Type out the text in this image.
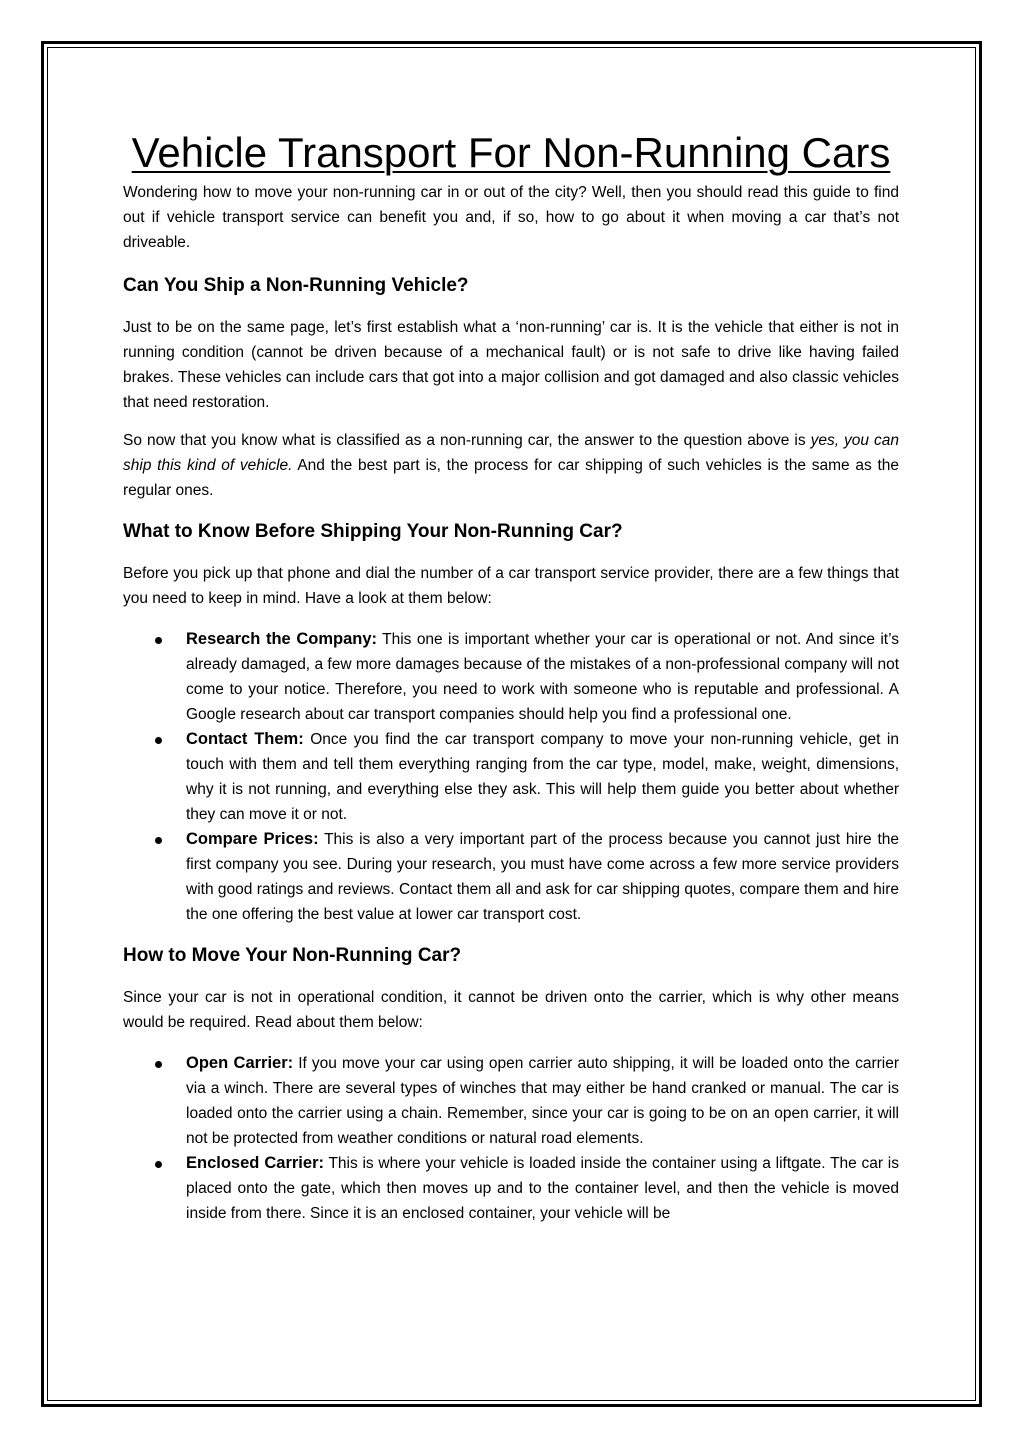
Vehicle Transport For Non-Running Cars

Wondering how to move your non-running car in or out of the city? Well, then you should read this guide to find out if vehicle transport service can benefit you and, if so, how to go about it when moving a car that’s not driveable.

Can You Ship a Non-Running Vehicle?

Just to be on the same page, let’s first establish what a ‘non-running’ car is. It is the vehicle that either is not in running condition (cannot be driven because of a mechanical fault) or is not safe to drive like having failed brakes. These vehicles can include cars that got into a major collision and got damaged and also classic vehicles that need restoration.

So now that you know what is classified as a non-running car, the answer to the question above is yes, you can ship this kind of vehicle. And the best part is, the process for car shipping of such vehicles is the same as the regular ones.

What to Know Before Shipping Your Non-Running Car?

Before you pick up that phone and dial the number of a car transport service provider, there are a few things that you need to keep in mind. Have a look at them below:

Research the Company: This one is important whether your car is operational or not. And since it’s already damaged, a few more damages because of the mistakes of a non-professional company will not come to your notice. Therefore, you need to work with someone who is reputable and professional. A Google research about car transport companies should help you find a professional one.
Contact Them: Once you find the car transport company to move your non-running vehicle, get in touch with them and tell them everything ranging from the car type, model, make, weight, dimensions, why it is not running, and everything else they ask. This will help them guide you better about whether they can move it or not.
Compare Prices: This is also a very important part of the process because you cannot just hire the first company you see. During your research, you must have come across a few more service providers with good ratings and reviews. Contact them all and ask for car shipping quotes, compare them and hire the one offering the best value at lower car transport cost.
How to Move Your Non-Running Car?

Since your car is not in operational condition, it cannot be driven onto the carrier, which is why other means would be required. Read about them below:

Open Carrier: If you move your car using open carrier auto shipping, it will be loaded onto the carrier via a winch. There are several types of winches that may either be hand cranked or manual. The car is loaded onto the carrier using a chain. Remember, since your car is going to be on an open carrier, it will not be protected from weather conditions or natural road elements.
Enclosed Carrier: This is where your vehicle is loaded inside the container using a liftgate. The car is placed onto the gate, which then moves up and to the container level, and then the vehicle is moved inside from there. Since it is an enclosed container, your vehicle will be
